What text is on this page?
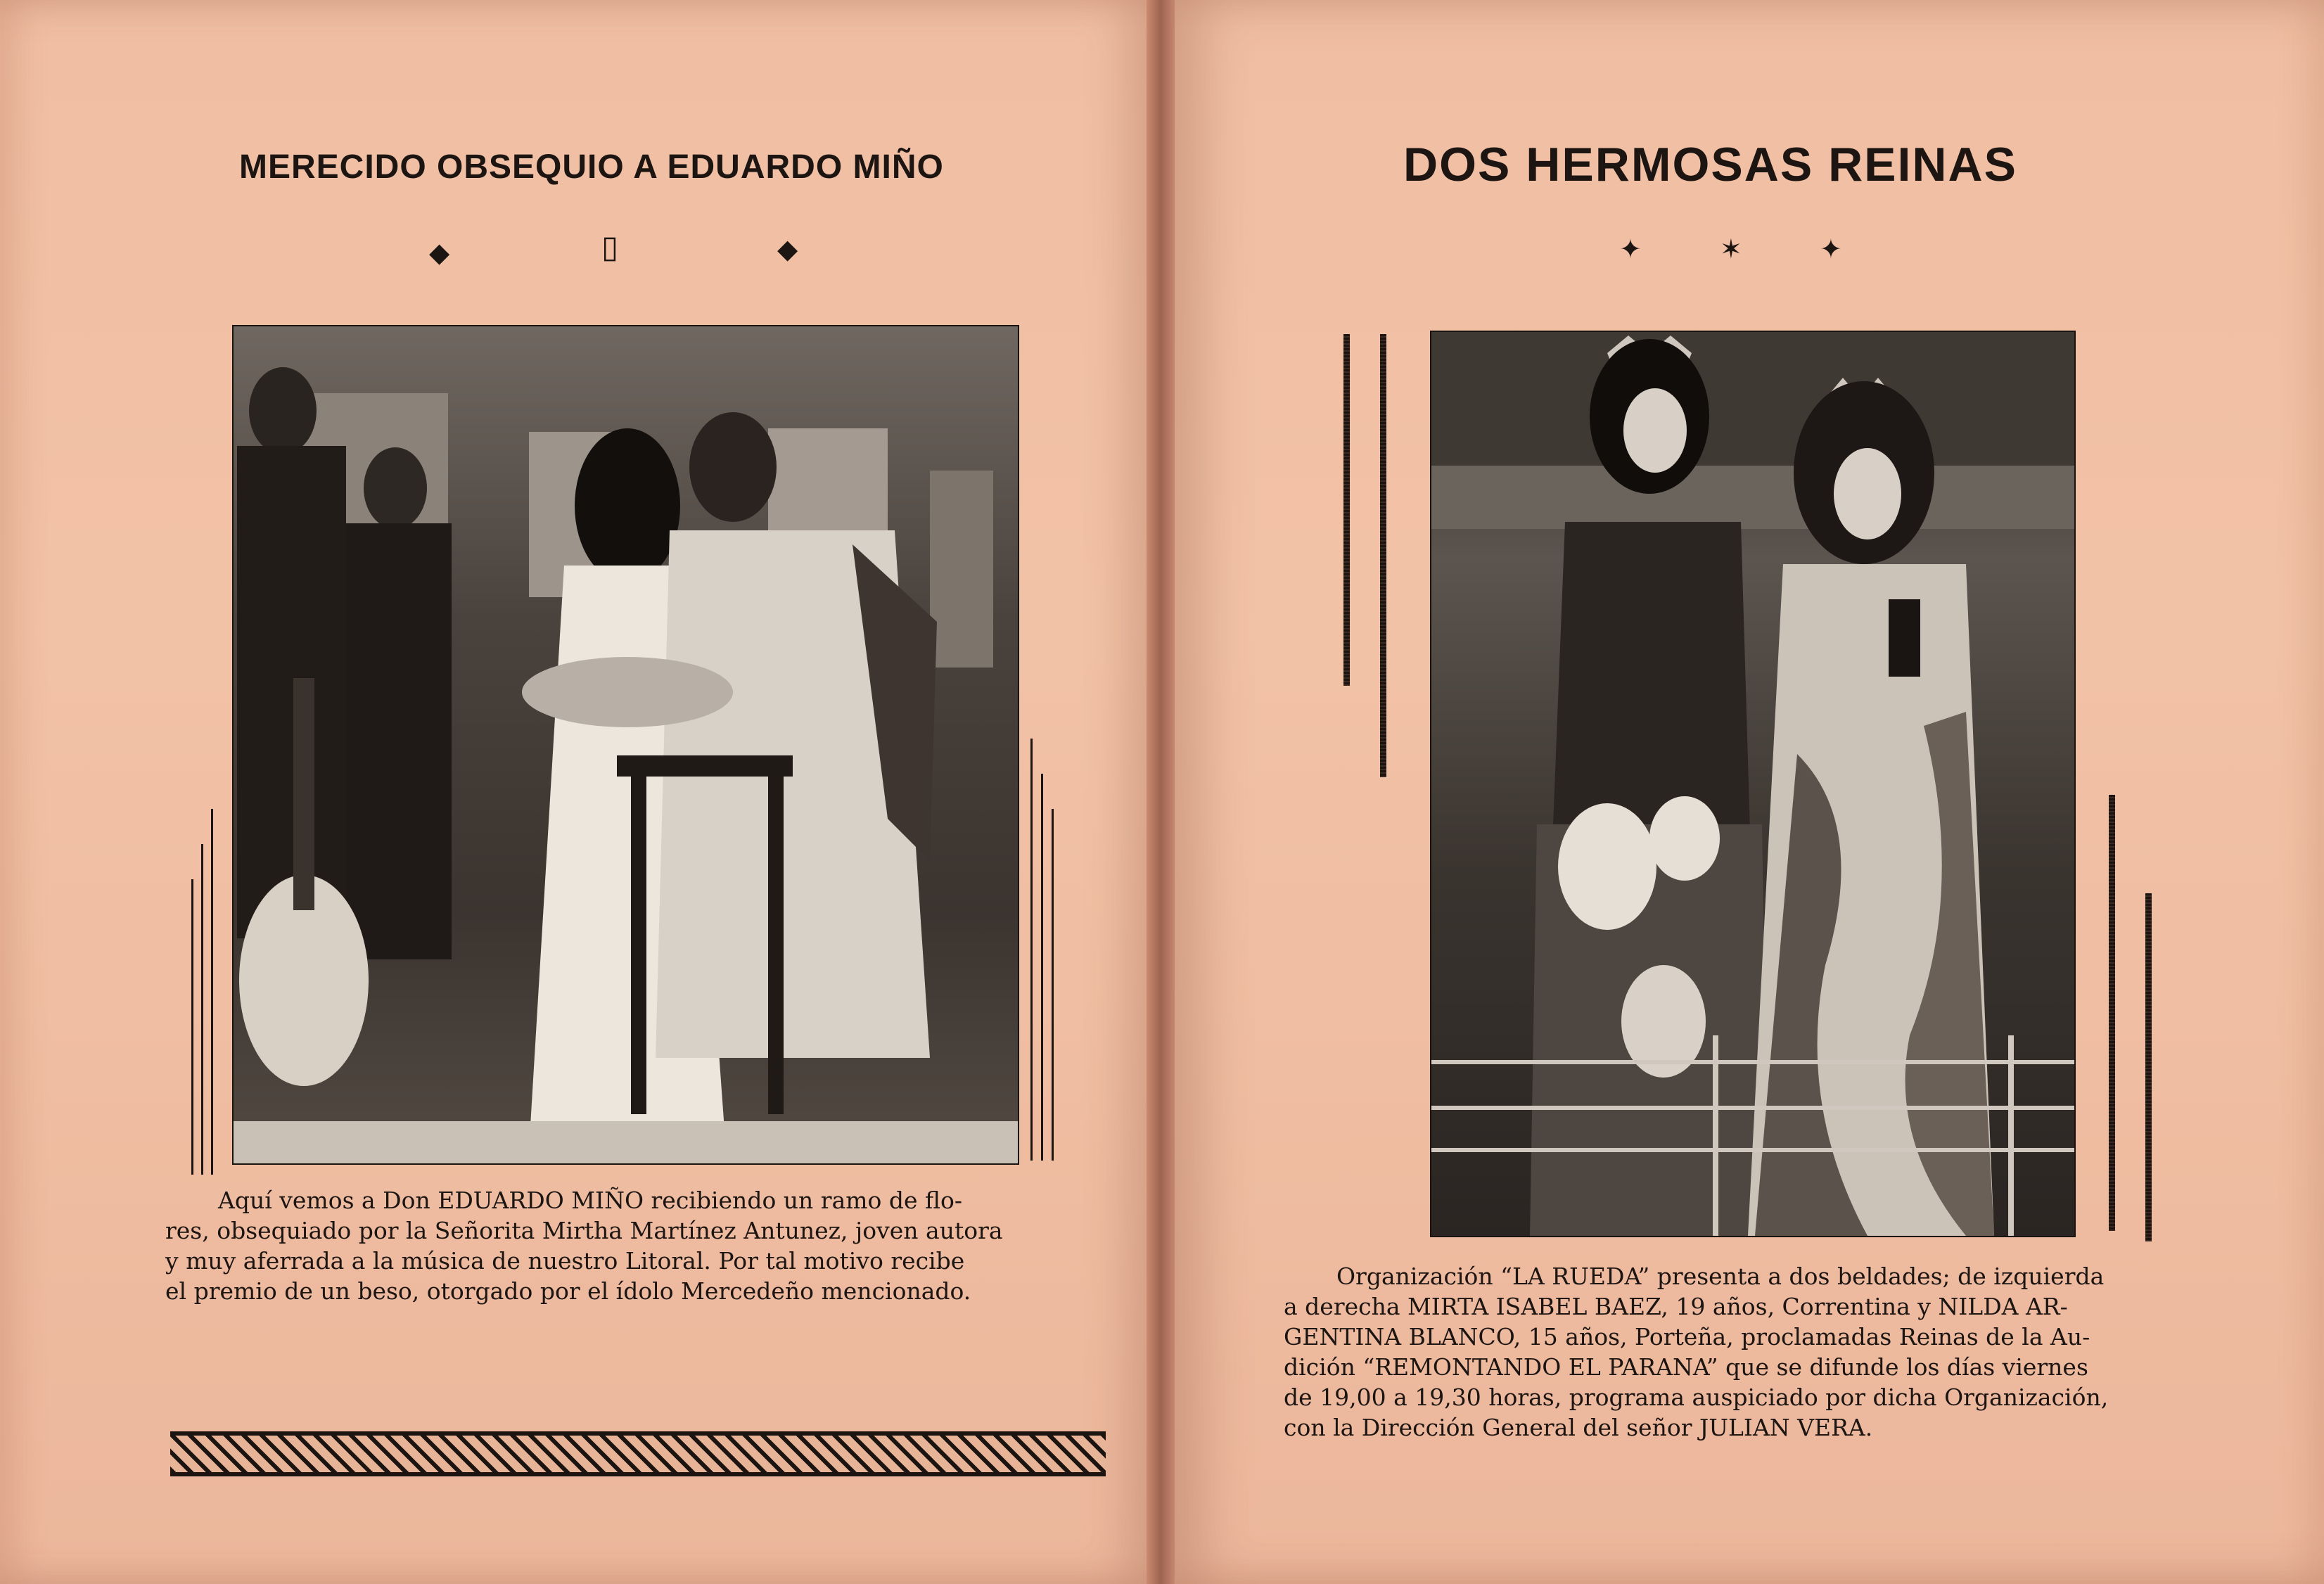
MERECIDO OBSEQUIO A EDUARDO MIÑO
◆	▯	◆
Aquí vemos a Don EDUARDO MIÑO recibiendo un ramo de flo-
res, obsequiado por la Señorita Mirtha Martínez Antunez, joven autora
y muy aferrada a la música de nuestro Litoral. Por tal motivo recibe
el premio de un beso, otorgado por el ídolo Mercedeño mencionado.
DOS HERMOSAS REINAS
✦	✶	✦
Organización “LA RUEDA” presenta a dos beldades; de izquierda
a derecha MIRTA ISABEL BAEZ, 19 años, Correntina y NILDA AR-
GENTINA BLANCO, 15 años, Porteña, proclamadas Reinas de la Au-
dición “REMONTANDO EL PARANA” que se difunde los días viernes
de 19,00 a 19,30 horas, programa auspiciado por dicha Organización,
con la Dirección General del señor JULIAN VERA.
